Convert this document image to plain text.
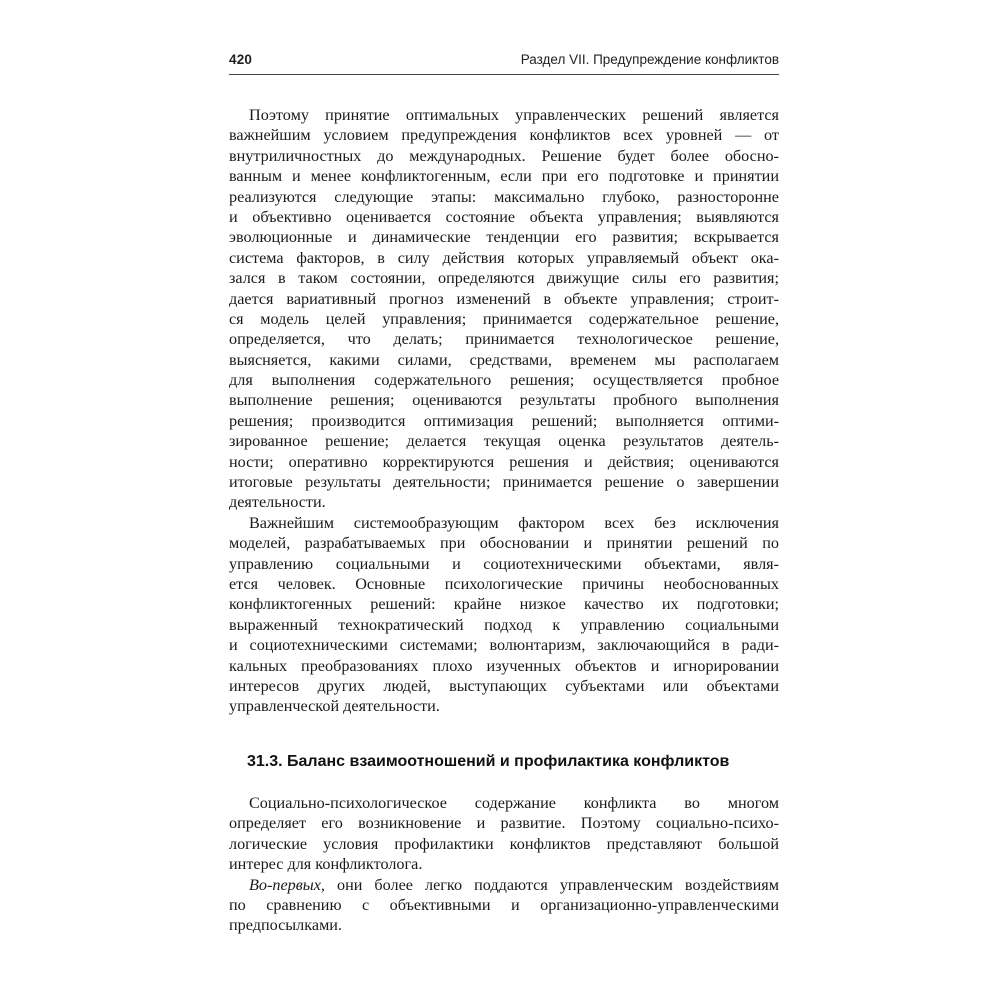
420	Раздел VII. Предупреждение конфликтов
Поэтому принятие оптимальных управленческих решений является
важнейшим условием предупреждения конфликтов всех уровней — от
внутриличностных до международных. Решение будет более обосно-
ванным и менее конфликтогенным, если при его подготовке и принятии
реализуются следующие этапы: максимально глубоко, разносторонне
и объективно оценивается состояние объекта управления; выявляются
эволюционные и динамические тенденции его развития; вскрывается
система факторов, в силу действия которых управляемый объект ока-
зался в таком состоянии, определяются движущие силы его развития;
дается вариативный прогноз изменений в объекте управления; строит-
ся модель целей управления; принимается содержательное решение,
определяется, что делать; принимается технологическое решение,
выясняется, какими силами, средствами, временем мы располагаем
для выполнения содержательного решения; осуществляется пробное
выполнение решения; оцениваются результаты пробного выполнения
решения; производится оптимизация решений; выполняется оптими-
зированное решение; делается текущая оценка результатов деятель-
ности; оперативно корректируются решения и действия; оцениваются
итоговые результаты деятельности; принимается решение о завершении
деятельности.
Важнейшим системообразующим фактором всех без исключения
моделей, разрабатываемых при обосновании и принятии решений по
управлению социальными и социотехническими объектами, явля-
ется человек. Основные психологические причины необоснованных
конфликтогенных решений: крайне низкое качество их подготовки;
выраженный технократический подход к управлению социальными
и социотехническими системами; волюнтаризм, заключающийся в ради-
кальных преобразованиях плохо изученных объектов и игнорировании
интересов других людей, выступающих субъектами или объектами
управленческой деятельности.
31.3. Баланс взаимоотношений и профилактика конфликтов
Социально-психологическое содержание конфликта во многом
определяет его возникновение и развитие. Поэтому социально-психо-
логические условия профилактики конфликтов представляют большой
интерес для конфликтолога.
Во-первых, они более легко поддаются управленческим воздействиям
по сравнению с объективными и организационно-управленческими
предпосылками.
